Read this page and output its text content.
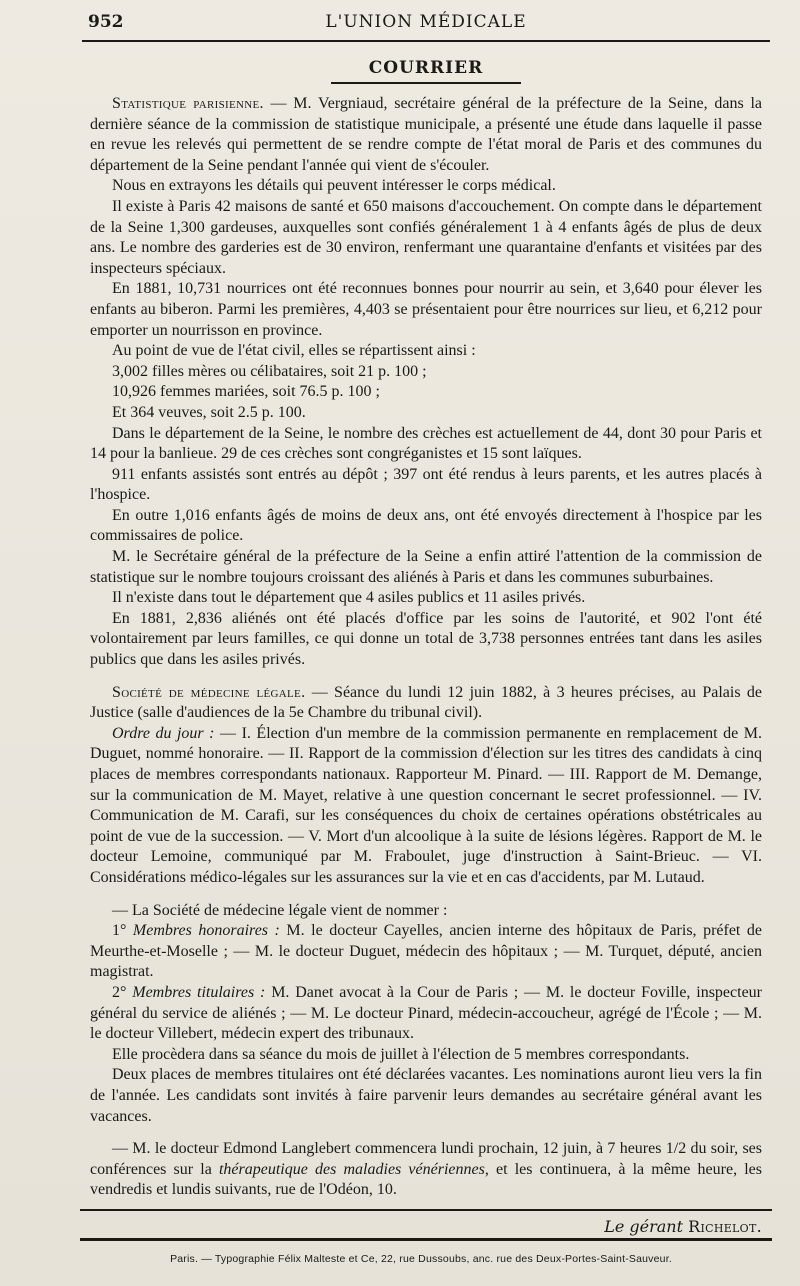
952	L'UNION MÉDICALE
COURRIER

Statistique parisienne. — M. Vergniaud, secrétaire général de la préfecture de la Seine, dans la dernière séance de la commission de statistique municipale, a présenté une étude dans laquelle il passe en revue les relevés qui permettent de se rendre compte de l'état moral de Paris et des communes du département de la Seine pendant l'année qui vient de s'écouler.

Nous en extrayons les détails qui peuvent intéresser le corps médical.

Il existe à Paris 42 maisons de santé et 650 maisons d'accouchement. On compte dans le département de la Seine 1,300 gardeuses, auxquelles sont confiés généralement 1 à 4 enfants âgés de plus de deux ans. Le nombre des garderies est de 30 environ, renfermant une quarantaine d'enfants et visitées par des inspecteurs spéciaux.

En 1881, 10,731 nourrices ont été reconnues bonnes pour nourrir au sein, et 3,640 pour élever les enfants au biberon. Parmi les premières, 4,403 se présentaient pour être nourrices sur lieu, et 6,212 pour emporter un nourrisson en province.

Au point de vue de l'état civil, elles se répartissent ainsi :

3,002 filles mères ou célibataires, soit 21 p. 100 ;

10,926 femmes mariées, soit 76.5 p. 100 ;

Et 364 veuves, soit 2.5 p. 100.

Dans le département de la Seine, le nombre des crèches est actuellement de 44, dont 30 pour Paris et 14 pour la banlieue. 29 de ces crèches sont congréganistes et 15 sont laïques.

911 enfants assistés sont entrés au dépôt ; 397 ont été rendus à leurs parents, et les autres placés à l'hospice.

En outre 1,016 enfants âgés de moins de deux ans, ont été envoyés directement à l'hospice par les commissaires de police.

M. le Secrétaire général de la préfecture de la Seine a enfin attiré l'attention de la commission de statistique sur le nombre toujours croissant des aliénés à Paris et dans les communes suburbaines.

Il n'existe dans tout le département que 4 asiles publics et 11 asiles privés.

En 1881, 2,836 aliénés ont été placés d'office par les soins de l'autorité, et 902 l'ont été volontairement par leurs familles, ce qui donne un total de 3,738 personnes entrées tant dans les asiles publics que dans les asiles privés.

Société de médecine légale. — Séance du lundi 12 juin 1882, à 3 heures précises, au Palais de Justice (salle d'audiences de la 5e Chambre du tribunal civil).

Ordre du jour : — I. Élection d'un membre de la commission permanente en remplacement de M. Duguet, nommé honoraire. — II. Rapport de la commission d'élection sur les titres des candidats à cinq places de membres correspondants nationaux. Rapporteur M. Pinard. — III. Rapport de M. Demange, sur la communication de M. Mayet, relative à une question concernant le secret professionnel. — IV. Communication de M. Carafi, sur les conséquences du choix de certaines opérations obstétricales au point de vue de la succession. — V. Mort d'un alcoolique à la suite de lésions légères. Rapport de M. le docteur Lemoine, communiqué par M. Fraboulet, juge d'instruction à Saint-Brieuc. — VI. Considérations médico-légales sur les assurances sur la vie et en cas d'accidents, par M. Lutaud.

— La Société de médecine légale vient de nommer :

1° Membres honoraires : M. le docteur Cayelles, ancien interne des hôpitaux de Paris, préfet de Meurthe-et-Moselle ; — M. le docteur Duguet, médecin des hôpitaux ; — M. Turquet, député, ancien magistrat.

2° Membres titulaires : M. Danet avocat à la Cour de Paris ; — M. le docteur Foville, inspecteur général du service de aliénés ; — M. Le docteur Pinard, médecin-accoucheur, agrégé de l'École ; — M. le docteur Villebert, médecin expert des tribunaux.

Elle procèdera dans sa séance du mois de juillet à l'élection de 5 membres correspondants.

Deux places de membres titulaires ont été déclarées vacantes. Les nominations auront lieu vers la fin de l'année. Les candidats sont invités à faire parvenir leurs demandes au secrétaire général avant les vacances.

— M. le docteur Edmond Langlebert commencera lundi prochain, 12 juin, à 7 heures 1/2 du soir, ses conférences sur la thérapeutique des maladies vénériennes, et les continuera, à la même heure, les vendredis et lundis suivants, rue de l'Odéon, 10.

Le gérant Richelot.
Paris. — Typographie Félix Malteste et Ce, 22, rue Dussoubs, anc. rue des Deux-Portes-Saint-Sauveur.
